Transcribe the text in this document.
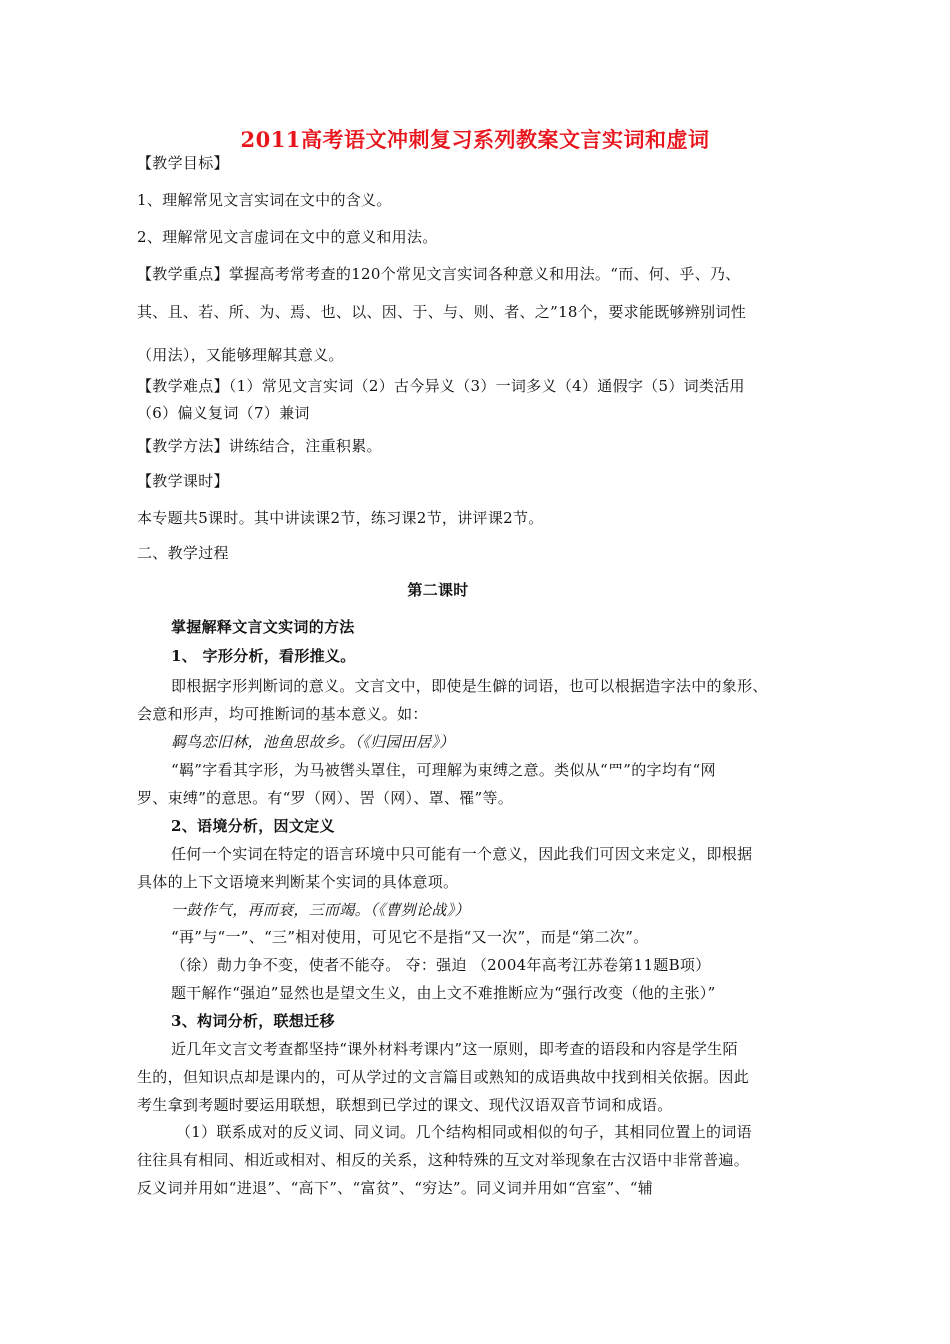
2011高考语文冲刺复习系列教案文言实词和虚词
【教学目标】
1、理解常见文言实词在文中的含义。
2、理解常见文言虚词在文中的意义和用法。
【教学重点】掌握高考常考查的120个常见文言实词各种意义和用法。“而、何、乎、乃、
其、且、若、所、为、焉、也、以、因、于、与、则、者、之”18个，要求能既够辨别词性
（用法），又能够理解其意义。
【教学难点】（1）常见文言实词（2）古今异义（3）一词多义（4）通假字（5）词类活用
（6）偏义复词（7）兼词
【教学方法】讲练结合，注重积累。
【教学课时】
本专题共5课时。其中讲读课2节，练习课2节，讲评课2节。
二、教学过程
第二课时
掌握解释文言文实词的方法
1、 字形分析，看形推义。
即根据字形判断词的意义。文言文中，即使是生僻的词语，也可以根据造字法中的象形、
会意和形声，均可推断词的基本意义。如：
羁鸟恋旧林，池鱼思故乡。（《归园田居》）
“羁”字看其字形，为马被辔头罩住，可理解为束缚之意。类似从“罒”的字均有“网
罗、束缚”的意思。有“罗（网）、罟（网）、罩、罹”等。
2、语境分析，因文定义
任何一个实词在特定的语言环境中只可能有一个意义，因此我们可因文来定义，即根据
具体的上下文语境来判断某个实词的具体意项。
一鼓作气，再而衰，三而竭。（《曹刿论战》）
“再”与“一”、“三”相对使用，可见它不是指“又一次”，而是“第二次”。
（徐）勣力争不变，使者不能夺。 夺：强迫 （2004年高考江苏卷第11题B项）
题干解作“强迫”显然也是望文生义，由上文不难推断应为“强行改变（他的主张）”
3、构词分析，联想迁移
近几年文言文考查都坚持“课外材料考课内”这一原则，即考查的语段和内容是学生陌
生的，但知识点却是课内的，可从学过的文言篇目或熟知的成语典故中找到相关依据。因此
考生拿到考题时要运用联想，联想到已学过的课文、现代汉语双音节词和成语。
（1）联系成对的反义词、同义词。几个结构相同或相似的句子，其相同位置上的词语
往往具有相同、相近或相对、相反的关系，这种特殊的互文对举现象在古汉语中非常普遍。
反义词并用如“进退”、“高下”、“富贫”、“穷达”。同义词并用如“宫室”、“辅
